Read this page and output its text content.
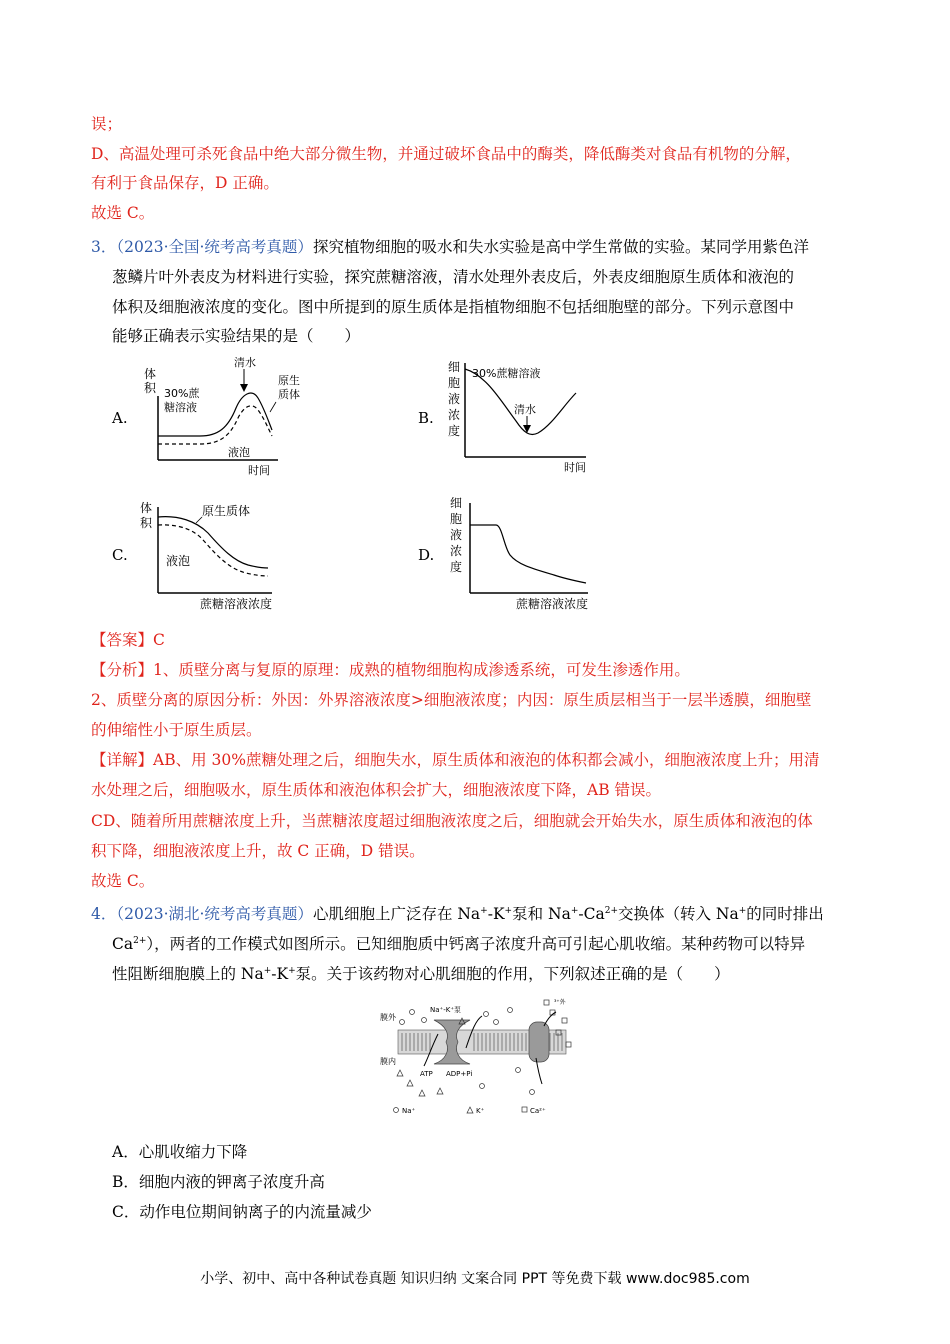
误；
D、高温处理可杀死食品中绝大部分微生物，并通过破坏食品中的酶类，降低酶类对食品有机物的分解，
有利于食品保存，D 正确。
故选 C。
3．（2023·全国·统考高考真题）探究植物细胞的吸水和失水实验是高中学生常做的实验。某同学用紫色洋
葱鳞片叶外表皮为材料进行实验，探究蔗糖溶液，清水处理外表皮后，外表皮细胞原生质体和液泡的
体积及细胞液浓度的变化。图中所提到的原生质体是指植物细胞不包括细胞壁的部分。下列示意图中
能够正确表示实验结果的是（　　）
A.	B.
C.	D.
体
积 30%蔗
糖溶液
清水
原生
质体
液泡
时间
细
胞
液
浓
度
30%蔗糖溶液
清水
时间
体
积
原生质体
液泡
蔗糖溶液浓度
细
胞
液
浓
度
蔗糖溶液浓度
【答案】C
【分析】1、质壁分离与复原的原理：成熟的植物细胞构成渗透系统，可发生渗透作用。
2、质壁分离的原因分析：外因：外界溶液浓度>细胞液浓度；内因：原生质层相当于一层半透膜，细胞壁
的伸缩性小于原生质层。
【详解】AB、用 30%蔗糖处理之后，细胞失水，原生质体和液泡的体积都会减小，细胞液浓度上升；用清
水处理之后，细胞吸水，原生质体和液泡体积会扩大，细胞液浓度下降，AB 错误。
CD、随着所用蔗糖浓度上升，当蔗糖浓度超过细胞液浓度之后，细胞就会开始失水，原生质体和液泡的体
积下降，细胞液浓度上升，故 C 正确，D 错误。
故选 C。
4．（2023·湖北·统考高考真题）心肌细胞上广泛存在 Na+-K+泵和 $Na^+-Ca^{2+}$交换体（转入 Na+的同时排出
$Ca^{2+}$），两者的工作模式如图所示。已知细胞质中钙离子浓度升高可引起心肌收缩。某种药物可以特异
性阻断细胞膜上的 Na+-K+泵。关于该药物对心肌细胞的作用，下列叙述正确的是（　　）
膜外
膜内
Na⁺-K⁺泵
ATP ADP+Pi
³⁺外
Na⁺	K⁺	Ca²⁺
A．心肌收缩力下降
B．细胞内液的钾离子浓度升高
C．动作电位期间钠离子的内流量减少
小学、初中、高中各种试卷真题 知识归纳 文案合同 PPT 等免费下载 www.doc985.com
